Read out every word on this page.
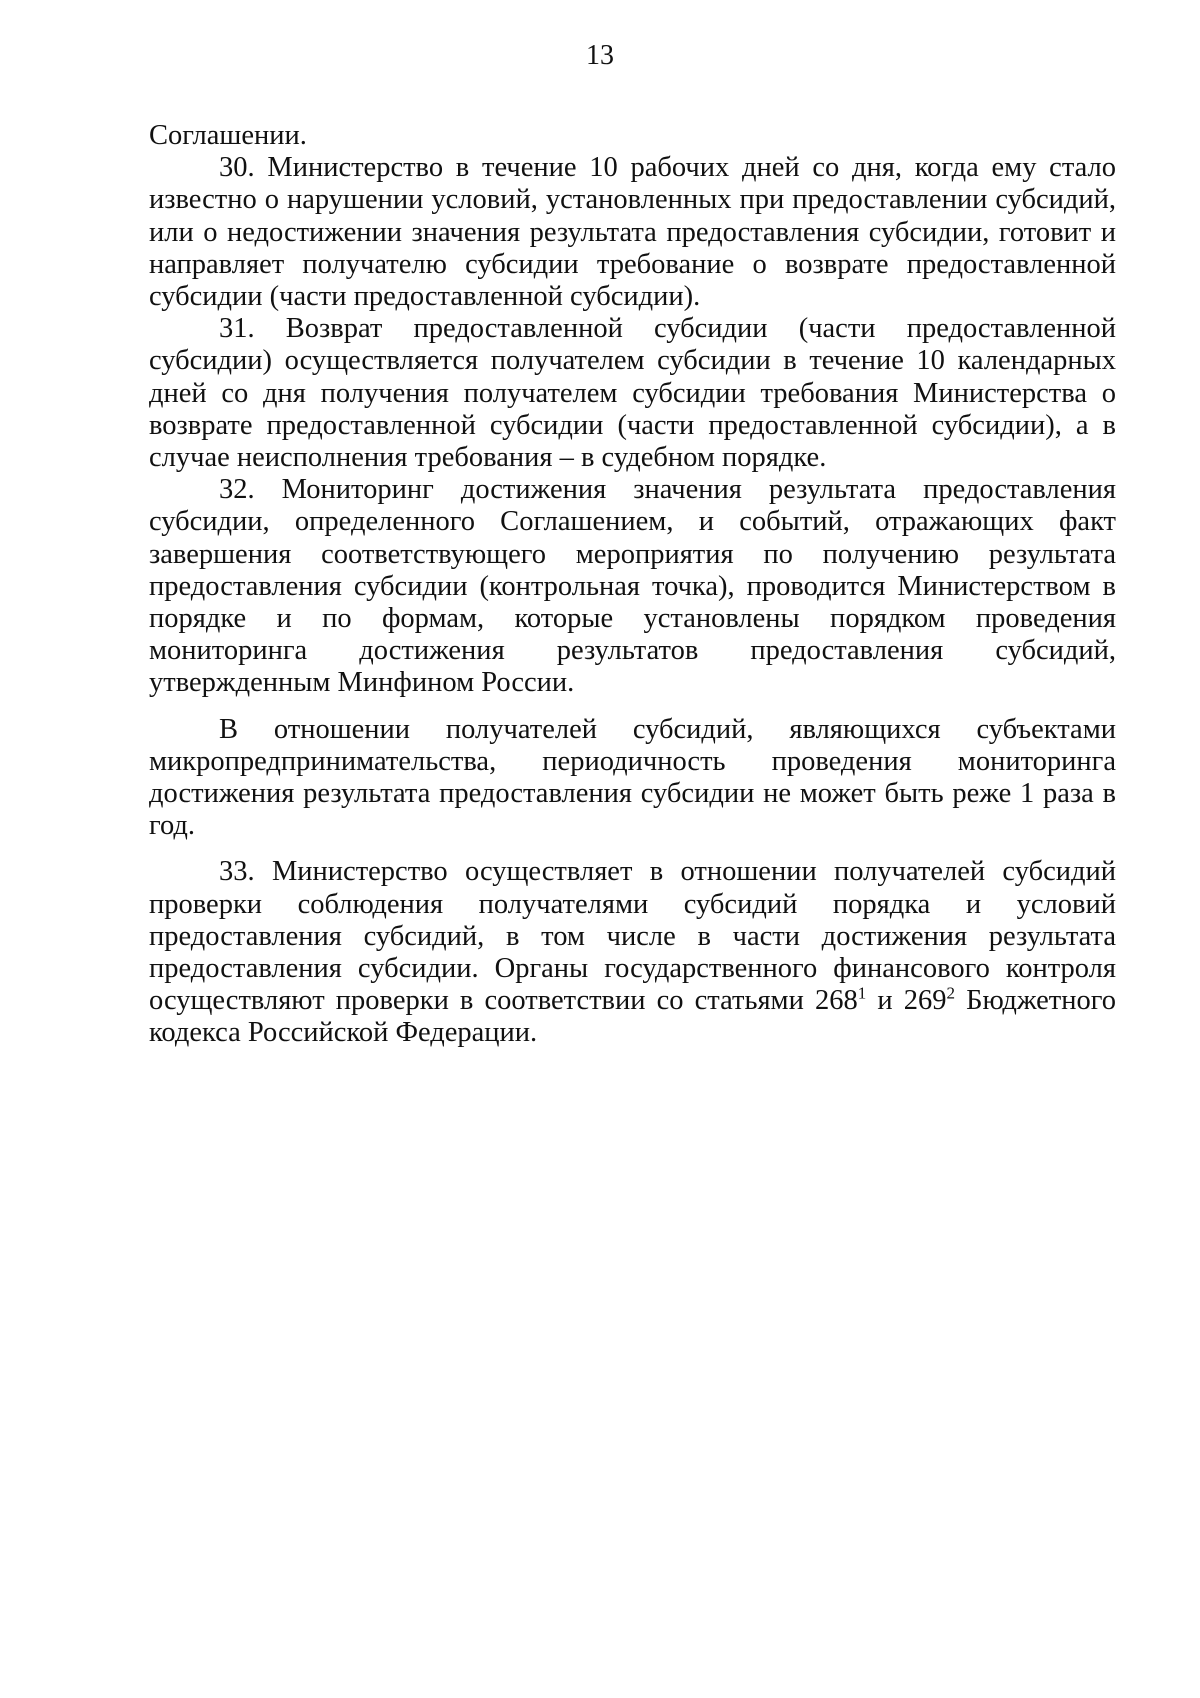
13

Соглашении.

30. Министерство в течение 10 рабочих дней со дня, когда ему стало известно о нарушении условий, установленных при предоставлении субсидий, или о недостижении значения результата предоставления субсидии, готовит и направляет получателю субсидии требование о возврате предоставленной субсидии (части предоставленной субсидии).

31. Возврат предоставленной субсидии (части предоставленной субсидии) осуществляется получателем субсидии в течение 10 календарных дней со дня получения получателем субсидии требования Министерства о возврате предоставленной субсидии (части предоставленной субсидии), а в случае неисполнения требования – в судебном порядке.

32. Мониторинг достижения значения результата предоставления субсидии, определенного Соглашением, и событий, отражающих факт завершения соответствующего мероприятия по получению результата предоставления субсидии (контрольная точка), проводится Министерством в порядке и по формам, которые установлены порядком проведения мониторинга достижения результатов предоставления субсидий, утвержденным Минфином России.

В отношении получателей субсидий, являющихся субъектами микропредпринимательства, периодичность проведения мониторинга достижения результата предоставления субсидии не может быть реже 1 раза в год.

33. Министерство осуществляет в отношении получателей субсидий проверки соблюдения получателями субсидий порядка и условий предоставления субсидий, в том числе в части достижения результата предоставления субсидии. Органы государственного финансового контроля осуществляют проверки в соответствии со статьями $268^1$ и $269^2$ Бюджетного кодекса Российской Федерации.
